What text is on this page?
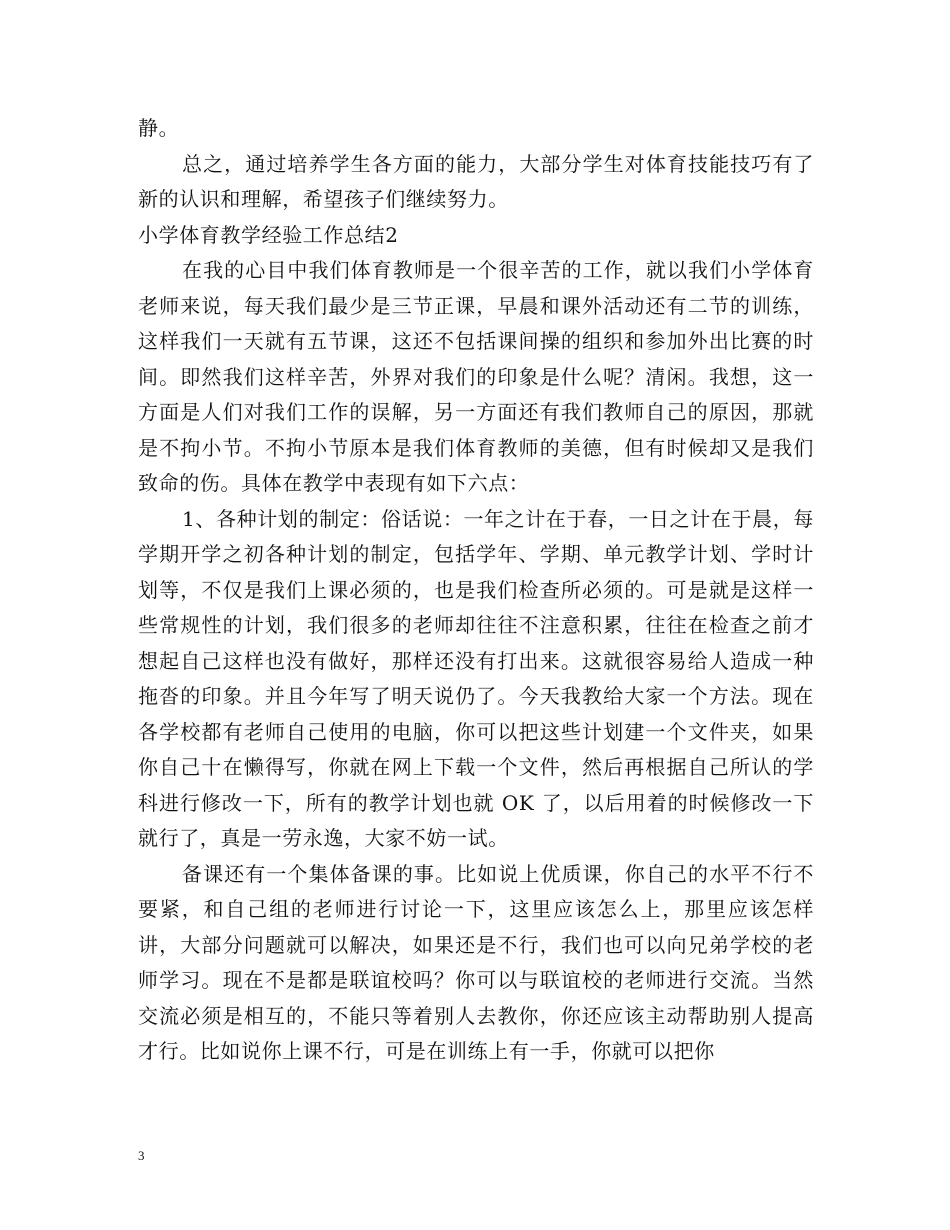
静。

总之，通过培养学生各方面的能力，大部分学生对体育技能技巧有了新的认识和理解，希望孩子们继续努力。

小学体育教学经验工作总结2

在我的心目中我们体育教师是一个很辛苦的工作，就以我们小学体育老师来说，每天我们最少是三节正课，早晨和课外活动还有二节的训练，这样我们一天就有五节课，这还不包括课间操的组织和参加外出比赛的时间。即然我们这样辛苦，外界对我们的印象是什么呢？清闲。我想，这一方面是人们对我们工作的误解，另一方面还有我们教师自己的原因，那就是不拘小节。不拘小节原本是我们体育教师的美德，但有时候却又是我们致命的伤。具体在教学中表现有如下六点：

1、各种计划的制定：俗话说：一年之计在于春，一日之计在于晨，每学期开学之初各种计划的制定，包括学年、学期、单元教学计划、学时计划等，不仅是我们上课必须的，也是我们检查所必须的。可是就是这样一些常规性的计划，我们很多的老师却往往不注意积累，往往在检查之前才想起自己这样也没有做好，那样还没有打出来。这就很容易给人造成一种拖沓的印象。并且今年写了明天说仍了。今天我教给大家一个方法。现在各学校都有老师自己使用的电脑，你可以把这些计划建一个文件夹，如果你自己十在懒得写，你就在网上下载一个文件，然后再根据自己所认的学科进行修改一下，所有的教学计划也就 OK 了，以后用着的时候修改一下就行了，真是一劳永逸，大家不妨一试。

备课还有一个集体备课的事。比如说上优质课，你自己的水平不行不要紧，和自己组的老师进行讨论一下，这里应该怎么上，那里应该怎样讲，大部分问题就可以解决，如果还是不行，我们也可以向兄弟学校的老师学习。现在不是都是联谊校吗？你可以与联谊校的老师进行交流。当然交流必须是相互的，不能只等着别人去教你，你还应该主动帮助别人提高才行。比如说你上课不行，可是在训练上有一手，你就可以把你

3
